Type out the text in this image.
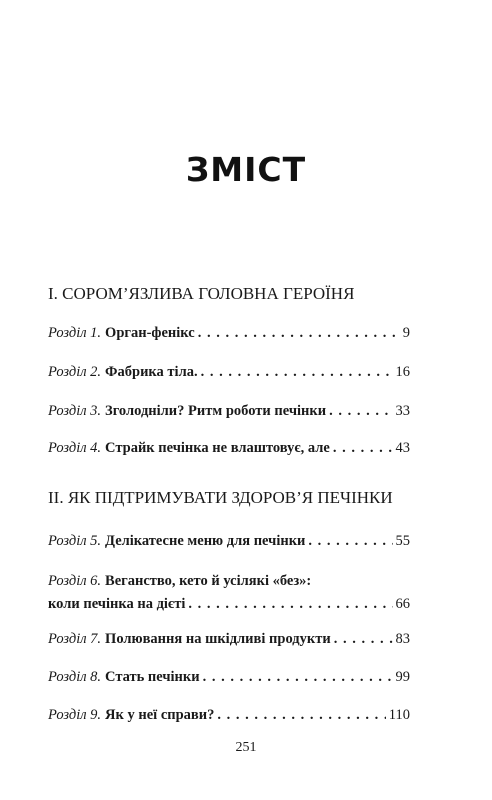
ЗМІСТ
І. СОРОМ’ЯЗЛИВА ГОЛОВНА ГЕРОЇНЯ
Розділ 1. Орган-фенікс . . .	9
Розділ 2. Фабрика тіла. . . .	16
Розділ 3. Зголодніли? Ритм роботи печінки . . .	33
Розділ 4. Страйк печінка не влаштовує, але . . .	43
ІІ. ЯК ПІДТРИМУВАТИ ЗДОРОВ’Я ПЕЧІНКИ
Розділ 5. Делікатесне меню для печінки . . .	55
Розділ 6. Веганство, кето й усілякі «без»:
коли печінка на дієті . . .	66
Розділ 7. Полювання на шкідливі продукти . . .	83
Розділ 8. Стать печінки . . .	99
Розділ 9. Як у неї справи? . . .	110
251
